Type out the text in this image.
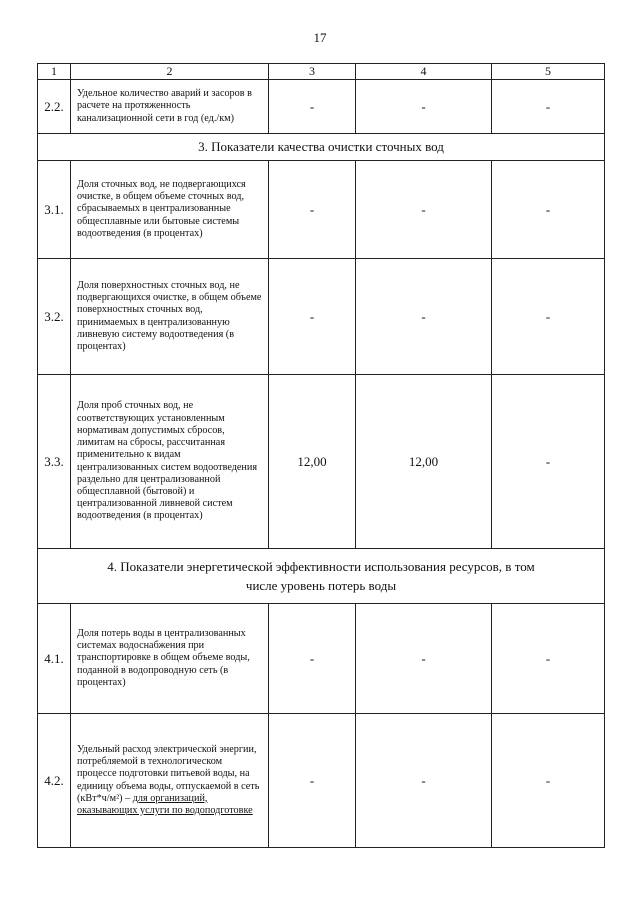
17
1	2	3	4	5
2.2.	Удельное количество аварий и засоров в расчете на протяженность канализационной сети в год (ед./км)	-	-	-
3. Показатели качества очистки сточных вод				
3.1.	Доля сточных вод, не подвергающихся очистке, в общем объеме сточных вод, сбрасываемых в централизованные общесплавные или бытовые системы водоотведения (в процентах)	-	-	-
3.2.	Доля поверхностных сточных вод, не подвергающихся очистке, в общем объеме поверхностных сточных вод, принимаемых в централизованную ливневую систему водоотведения (в процентах)	-	-	-
3.3.	Доля проб сточных вод, не соответствующих установленным нормативам допустимых сбросов, лимитам на сбросы, рассчитанная применительно к видам централизованных систем водоотведения раздельно для централизованной общесплавной (бытовой) и централизованной ливневой систем водоотведения (в процентах)	12,00	12,00	-
4. Показатели энергетической эффективности использования ресурсов, в том
числе уровень потерь воды				
4.1.	Доля потерь воды в централизованных системах водоснабжения при транспортировке в общем объеме воды, поданной в водопроводную сеть (в процентах)	-	-	-
4.2.	Удельный расход электрической энергии, потребляемой в технологическом процессе подготовки питьевой воды, на единицу объема воды, отпускаемой в сеть (кВт*ч/м²) – для организаций, оказывающих услуги по водоподготовке	-	-	-
